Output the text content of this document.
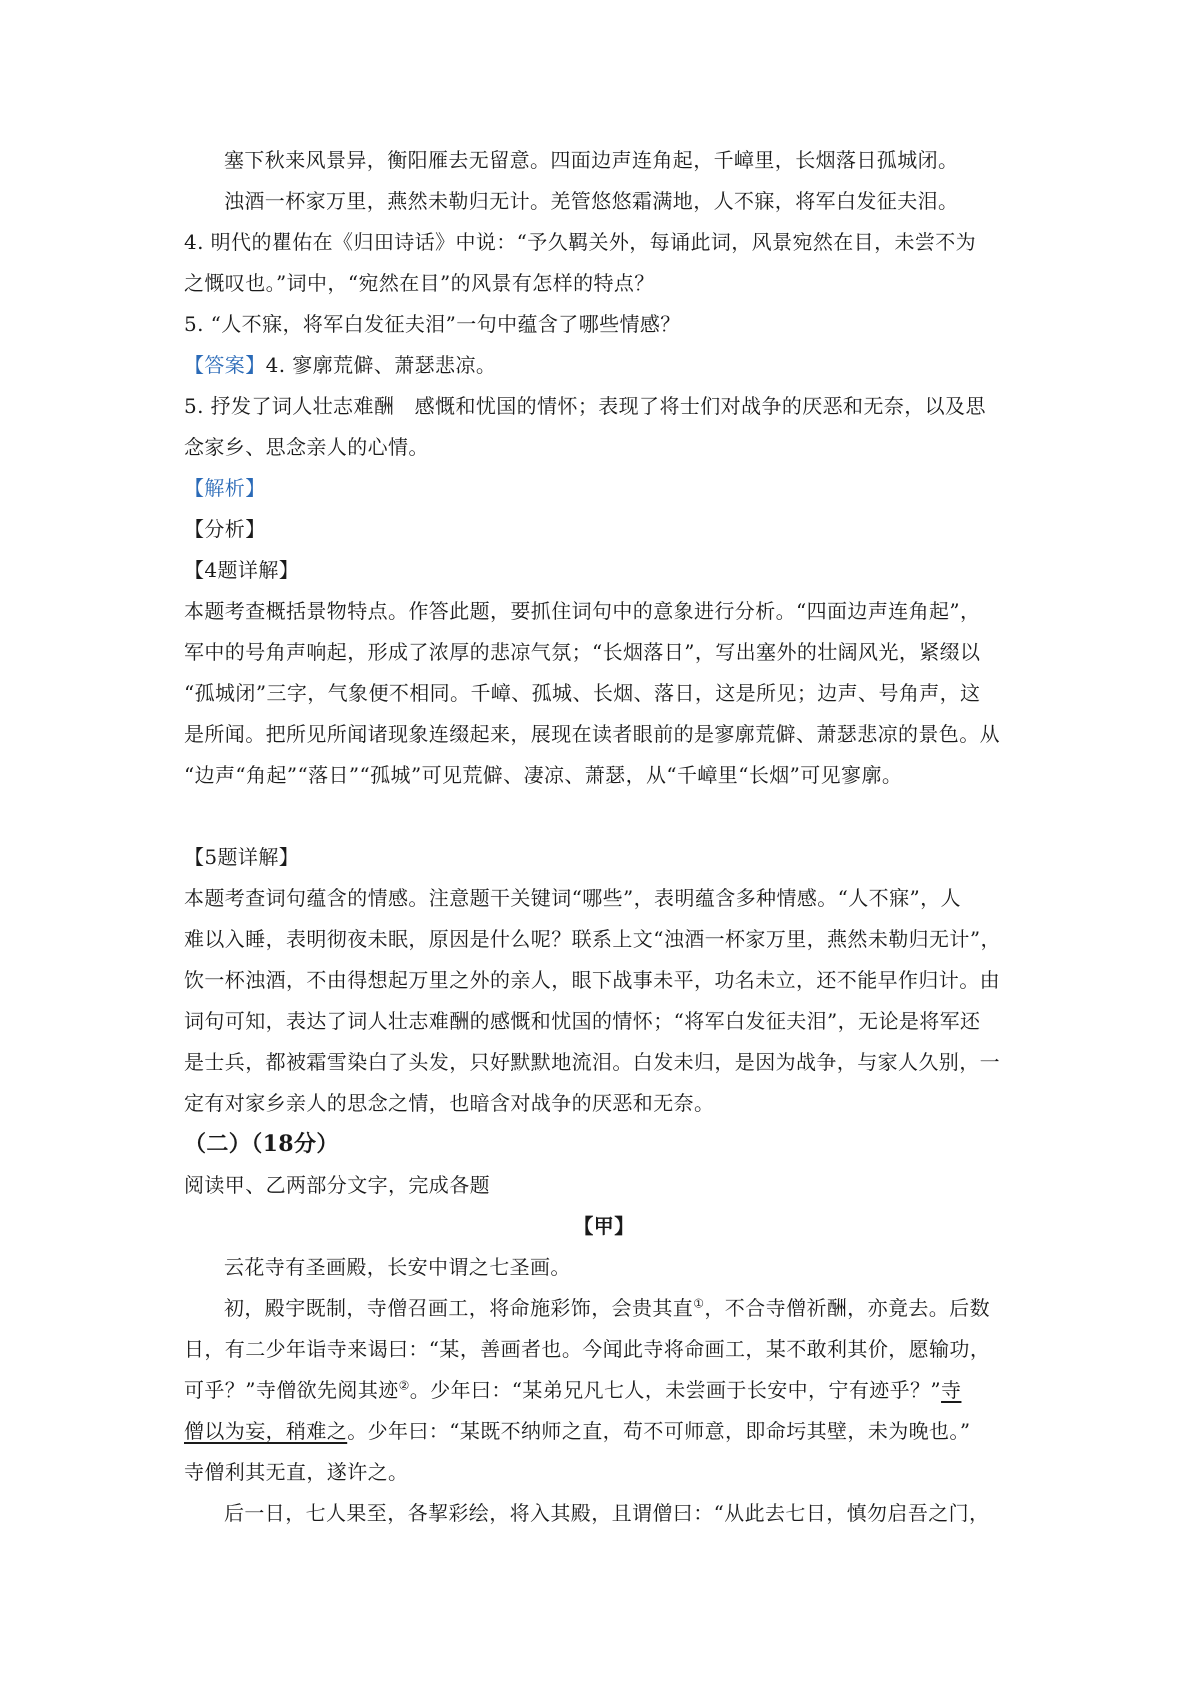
塞下秋来风景异，衡阳雁去无留意。四面边声连角起，千嶂里，长烟落日孤城闭。
浊酒一杯家万里，燕然未勒归无计。羌管悠悠霜满地，人不寐，将军白发征夫泪。
4. 明代的瞿佑在《归田诗话》中说：“予久羁关外，每诵此词，风景宛然在目，未尝不为
之慨叹也。”词中，“宛然在目”的风景有怎样的特点？
5. “人不寐，将军白发征夫泪”一句中蕴含了哪些情感？
【答案】4. 寥廓荒僻、萧瑟悲凉。
5. 抒发了词人壮志难酬　感慨和忧国的情怀；表现了将士们对战争的厌恶和无奈，以及思
念家乡、思念亲人的心情。
【解析】
【分析】
【4题详解】
本题考查概括景物特点。作答此题，要抓住词句中的意象进行分析。“四面边声连角起”，
军中的号角声响起，形成了浓厚的悲凉气氛；“长烟落日”，写出塞外的壮阔风光，紧缀以
“孤城闭”三字，气象便不相同。千嶂、孤城、长烟、落日，这是所见；边声、号角声，这
是所闻。把所见所闻诸现象连缀起来，展现在读者眼前的是寥廓荒僻、萧瑟悲凉的景色。从
“边声“角起”“落日”“孤城”可见荒僻、凄凉、萧瑟，从“千嶂里“长烟”可见寥廓。
【5题详解】
本题考查词句蕴含的情感。注意题干关键词“哪些”，表明蕴含多种情感。“人不寐”，人
难以入睡，表明彻夜未眠，原因是什么呢？联系上文“浊酒一杯家万里，燕然未勒归无计”，
饮一杯浊酒，不由得想起万里之外的亲人，眼下战事未平，功名未立，还不能早作归计。由
词句可知，表达了词人壮志难酬的感慨和忧国的情怀；“将军白发征夫泪”，无论是将军还
是士兵，都被霜雪染白了头发，只好默默地流泪。白发未归，是因为战争，与家人久别，一
定有对家乡亲人的思念之情，也暗含对战争的厌恶和无奈。
（二）（18分）
阅读甲、乙两部分文字，完成各题
【甲】
云花寺有圣画殿，长安中谓之七圣画。
初，殿宇既制，寺僧召画工，将命施彩饰，会贵其直①，不合寺僧祈酬，亦竟去。后数
日，有二少年诣寺来谒曰：“某，善画者也。今闻此寺将命画工，某不敢利其价，愿输功，
可乎？”寺僧欲先阅其迹②。少年曰：“某弟兄凡七人，未尝画于长安中，宁有迹乎？”寺
僧以为妄，稍难之。少年曰：“某既不纳师之直，苟不可师意，即命圬其壁，未为晚也。”
寺僧利其无直，遂许之。
后一日，七人果至，各挈彩绘，将入其殿，且谓僧曰：“从此去七日，慎勿启吾之门，
